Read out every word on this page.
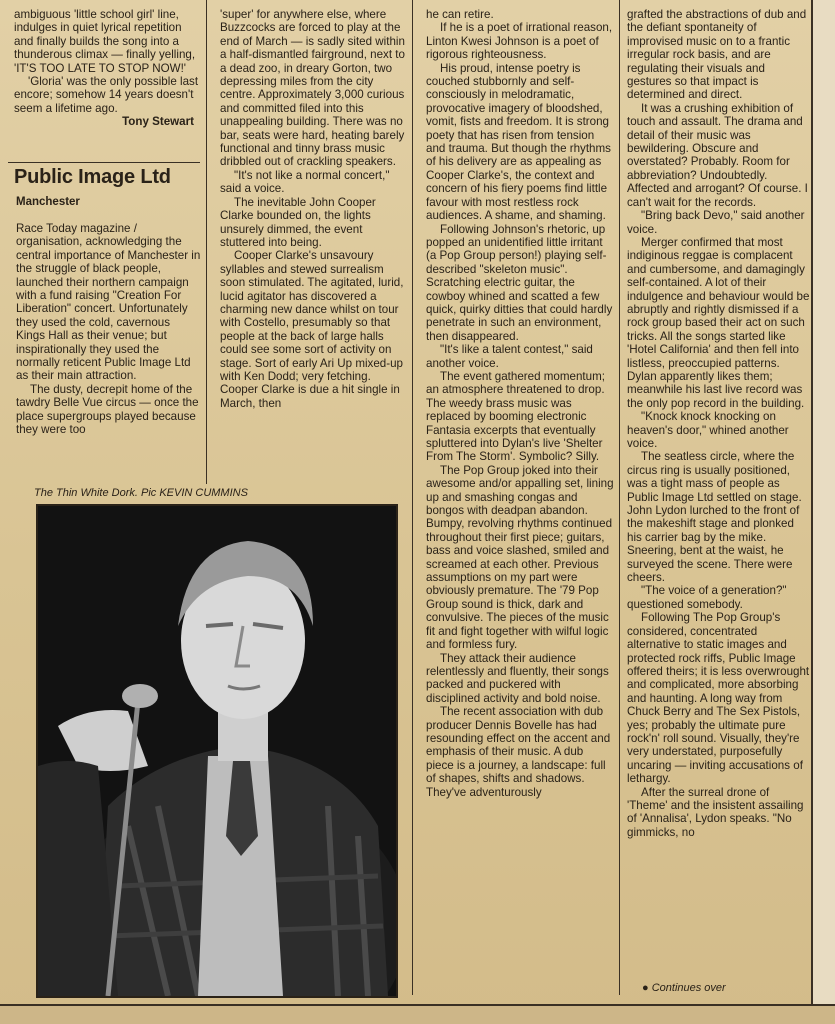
ambiguous 'little school girl' line, indulges in quiet lyrical repetition and finally builds the song into a thunderous climax — finally yelling, 'IT'S TOO LATE TO STOP NOW!'

'Gloria' was the only possible last encore; somehow 14 years doesn't seem a lifetime ago.

Tony Stewart

Public Image Ltd
Manchester

Race Today magazine / organisation, acknowledging the central importance of Manchester in the struggle of black people, launched their northern campaign with a fund raising "Creation For Liberation" concert. Unfortunately they used the cold, cavernous Kings Hall as their venue; but inspirationally they used the normally reticent Public Image Ltd as their main attraction.

The dusty, decrepit home of the tawdry Belle Vue circus — once the place supergroups played because they were too

'super' for anywhere else, where Buzzcocks are forced to play at the end of March — is sadly sited within a half-dismantled fairground, next to a dead zoo, in dreary Gorton, two depressing miles from the city centre. Approximately 3,000 curious and committed filed into this unappealing building. There was no bar, seats were hard, heating barely functional and tinny brass music dribbled out of crackling speakers.

"It's not like a normal concert," said a voice.

The inevitable John Cooper Clarke bounded on, the lights unsurely dimmed, the event stuttered into being.

Cooper Clarke's unsavoury syllables and stewed surrealism soon stimulated. The agitated, lurid, lucid agitator has discovered a charming new dance whilst on tour with Costello, presumably so that people at the back of large halls could see some sort of activity on stage. Sort of early Ari Up mixed-up with Ken Dodd; very fetching. Cooper Clarke is due a hit single in March, then

The Thin White Dork. Pic KEVIN CUMMINS

he can retire.

If he is a poet of irrational reason, Linton Kwesi Johnson is a poet of rigorous righteousness.

His proud, intense poetry is couched stubbornly and self-consciously in melodramatic, provocative imagery of bloodshed, vomit, fists and freedom. It is strong poety that has risen from tension and trauma. But though the rhythms of his delivery are as appealing as Cooper Clarke's, the context and concern of his fiery poems find little favour with most restless rock audiences. A shame, and shaming.

Following Johnson's rhetoric, up popped an unidentified little irritant (a Pop Group person!) playing self-described "skeleton music". Scratching electric guitar, the cowboy whined and scatted a few quick, quirky ditties that could hardly penetrate in such an environment, then disappeared.

"It's like a talent contest," said another voice.

The event gathered momentum; an atmosphere threatened to drop. The weedy brass music was replaced by booming electronic Fantasia excerpts that eventually spluttered into Dylan's live 'Shelter From The Storm'. Symbolic? Silly.

The Pop Group joked into their awesome and/or appalling set, lining up and smashing congas and bongos with deadpan abandon. Bumpy, revolving rhythms continued throughout their first piece; guitars, bass and voice slashed, smiled and screamed at each other. Previous assumptions on my part were obviously premature. The '79 Pop Group sound is thick, dark and convulsive. The pieces of the music fit and fight together with wilful logic and formless fury.

They attack their audience relentlessly and fluently, their songs packed and puckered with disciplined activity and bold noise.

The recent association with dub producer Dennis Bovelle has had resounding effect on the accent and emphasis of their music. A dub piece is a journey, a landscape: full of shapes, shifts and shadows. They've adventurously

grafted the abstractions of dub and the defiant spontaneity of improvised music on to a frantic irregular rock basis, and are regulating their visuals and gestures so that impact is determined and direct.

It was a crushing exhibition of touch and assault. The drama and detail of their music was bewildering. Obscure and overstated? Probably. Room for abbreviation? Undoubtedly. Affected and arrogant? Of course. I can't wait for the records.

"Bring back Devo," said another voice.

Merger confirmed that most indiginous reggae is complacent and cumbersome, and damagingly self-contained. A lot of their indulgence and behaviour would be abruptly and rightly dismissed if a rock group based their act on such tricks. All the songs started like 'Hotel California' and then fell into listless, preoccupied patterns. Dylan apparently likes them; meanwhile his last live record was the only pop record in the building.

"Knock knock knocking on heaven's door," whined another voice.

The seatless circle, where the circus ring is usually positioned, was a tight mass of people as Public Image Ltd settled on stage. John Lydon lurched to the front of the makeshift stage and plonked his carrier bag by the mike. Sneering, bent at the waist, he surveyed the scene. There were cheers.

"The voice of a generation?" questioned somebody.

Following The Pop Group's considered, concentrated alternative to static images and protected rock riffs, Public Image offered theirs; it is less overwrought and complicated, more absorbing and haunting. A long way from Chuck Berry and The Sex Pistols, yes; probably the ultimate pure rock'n' roll sound. Visually, they're very understated, purposefully uncaring — inviting accusations of lethargy.

After the surreal drone of 'Theme' and the insistent assailing of 'Annalisa', Lydon speaks. "No gimmicks, no

● Continues over
